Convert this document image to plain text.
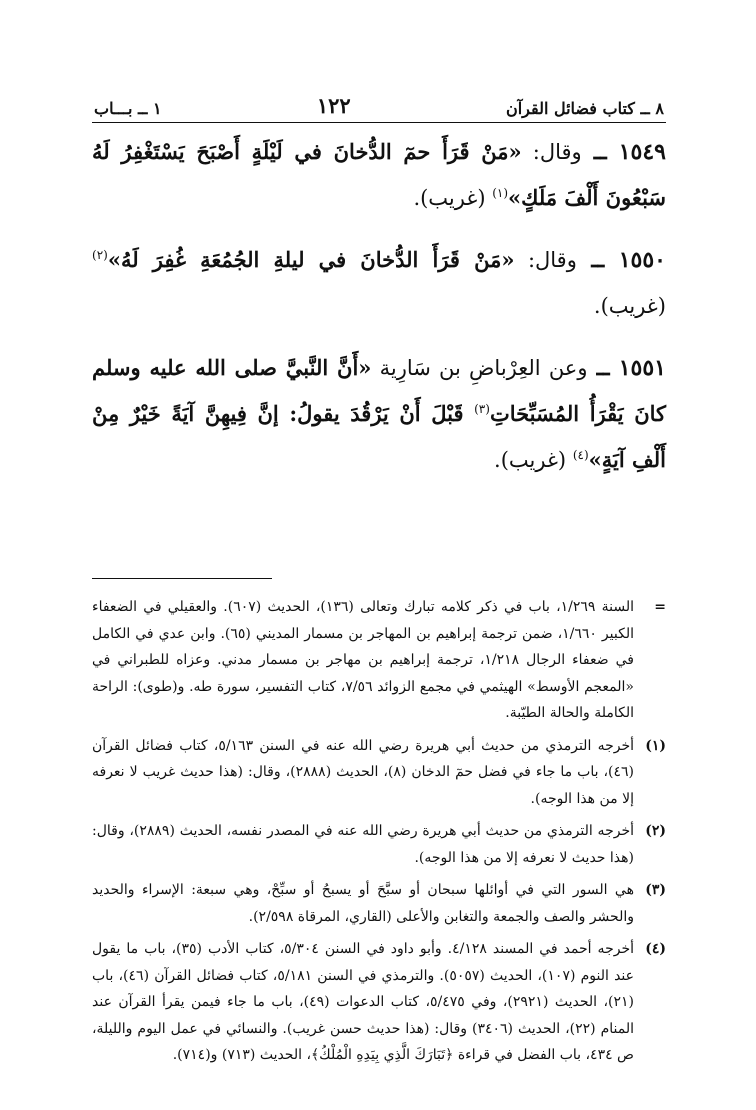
٨ ــ كتاب فضائل القرآن
١٢٢
١ ــ بـــاب

١٥٤٩ ــ وقال: «مَنْ قَرَأَ حمٓ الدُّخانَ في لَيْلَةٍ أَصْبَحَ يَسْتَغْفِرُ لَهُ سَبْعُونَ أَلْفَ مَلَكٍ»$^{(١)}$ (غريب).

١٥٥٠ ــ وقال: «مَنْ قَرَأَ الدُّخانَ في ليلةِ الجُمُعَةِ غُفِرَ لَهُ»$^{(٢)}$ (غريب).

١٥٥١ ــ وعن العِرْباضِ بن سَارِية «أَنَّ النَّبيَّ صلى الله عليه وسلم كانَ يَقْرَأُ المُسَبِّحَاتِ$^{(٣)}$ قَبْلَ أَنْ يَرْقُدَ يقولُ: إنَّ فِيهِنَّ آيَةً خَيْرٌ مِنْ أَلْفِ آيَةٍ»$^{(٤)}$ (غريب).

=
السنة ١/٢٦٩، باب في ذكر كلامه تبارك وتعالى (١٣٦)، الحديث (٦٠٧). والعقيلي في الضعفاء الكبير ١/٦٦٠، ضمن ترجمة إبراهيم بن المهاجر بن مسمار المديني (٦٥). وابن عدي في الكامل في ضعفاء الرجال ١/٢١٨، ترجمة إبراهيم بن مهاجر بن مسمار مدني. وعزاه للطبراني في «المعجم الأوسط» الهيثمي في مجمع الزوائد ٧/٥٦، كتاب التفسير، سورة طه. و(طوى): الراحة الكاملة والحالة الطيّبة.
(١)
أخرجه الترمذي من حديث أبي هريرة رضي الله عنه في السنن ٥/١٦٣، كتاب فضائل القرآن (٤٦)، باب ما جاء في فضل حمٓ الدخان (٨)، الحديث (٢٨٨٨)، وقال: (هذا حديث غريب لا نعرفه إلا من هذا الوجه).
(٢)
أخرجه الترمذي من حديث أبي هريرة رضي الله عنه في المصدر نفسه، الحديث (٢٨٨٩)، وقال: (هذا حديث لا نعرفه إلا من هذا الوجه).
(٣)
هي السور التي في أوائلها سبحان أو سبَّحَ أو يسبحُ أو سبِّحْ، وهي سبعة: الإسراء والحديد والحشر والصف والجمعة والتغابن والأعلى (القاري، المرقاة ٢/٥٩٨).
(٤)
أخرجه أحمد في المسند ٤/١٢٨. وأبو داود في السنن ٥/٣٠٤، كتاب الأدب (٣٥)، باب ما يقول عند النوم (١٠٧)، الحديث (٥٠٥٧). والترمذي في السنن ٥/١٨١، كتاب فضائل القرآن (٤٦)، باب (٢١)، الحديث (٢٩٢١)، وفي ٥/٤٧٥، كتاب الدعوات (٤٩)، باب ما جاء فيمن يقرأ القرآن عند المنام (٢٢)، الحديث (٣٤٠٦) وقال: (هذا حديث حسن غريب). والنسائي في عمل اليوم والليلة، ص ٤٣٤، باب الفضل في قراءة ﴿تَبَارَكَ الَّذِي بِيَدِهِ الْمُلْكُ﴾، الحديث (٧١٣) و(٧١٤).
